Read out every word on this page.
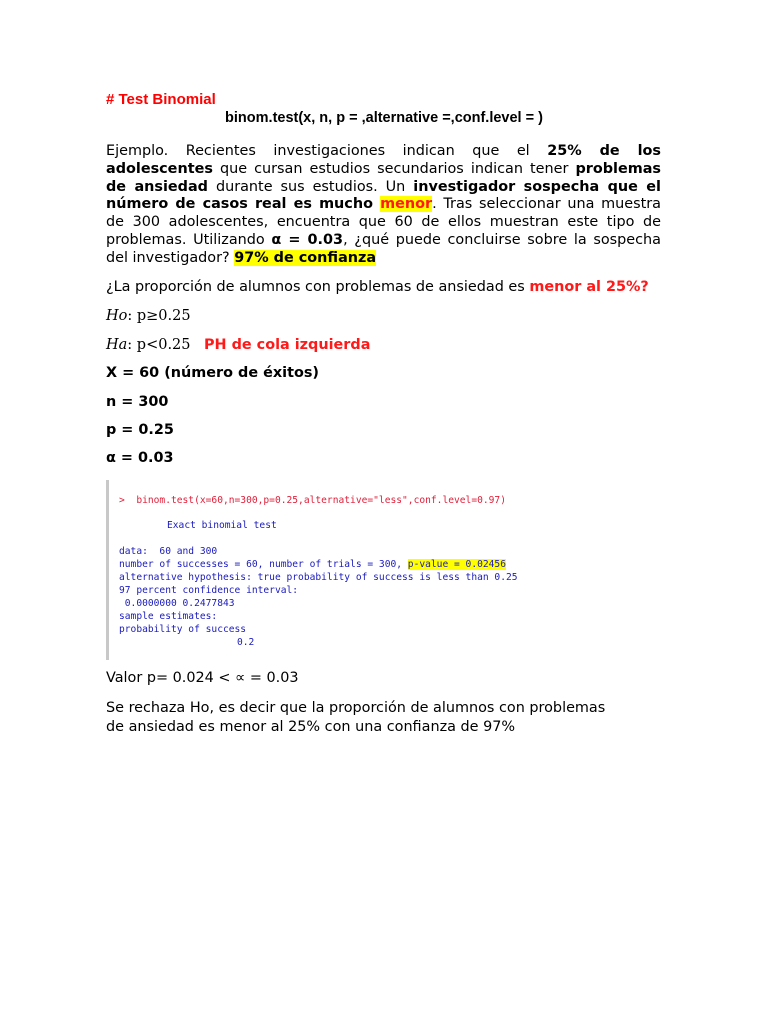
# Test Binomial
binom.test(x, n, p = ,alternative =,conf.level = )
Ejemplo. Recientes investigaciones indican que el 25% de los adolescentes que cursan estudios secundarios indican tener problemas de ansiedad durante sus estudios. Un investigador sospecha que el número de casos real es mucho menor. Tras seleccionar una muestra de 300 adolescentes, encuentra que 60 de ellos muestran este tipo de problemas. Utilizando α = 0.03, ¿qué puede concluirse sobre la sospecha del investigador? 97% de confianza
¿La proporción de alumnos con problemas de ansiedad es menor al 25%?
Ho: p≥0.25
Ha: p<0.25 PH de cola izquierda
X = 60 (número de éxitos)
n = 300
p = 0.25
α = 0.03
>  binom.test(x=60,n=300,p=0.25,alternative="less",conf.level=0.97)
Exact binomial test
data:  60 and 300
number of successes = 60, number of trials = 300, p-value = 0.02456
alternative hypothesis: true probability of success is less than 0.25
97 percent confidence interval:
0.0000000 0.2477843
sample estimates:
probability of success
0.2
Valor p= 0.024 < ∝ = 0.03
Se rechaza Ho, es decir que la proporción de alumnos con problemas de ansiedad es menor al 25% con una confianza de 97%
